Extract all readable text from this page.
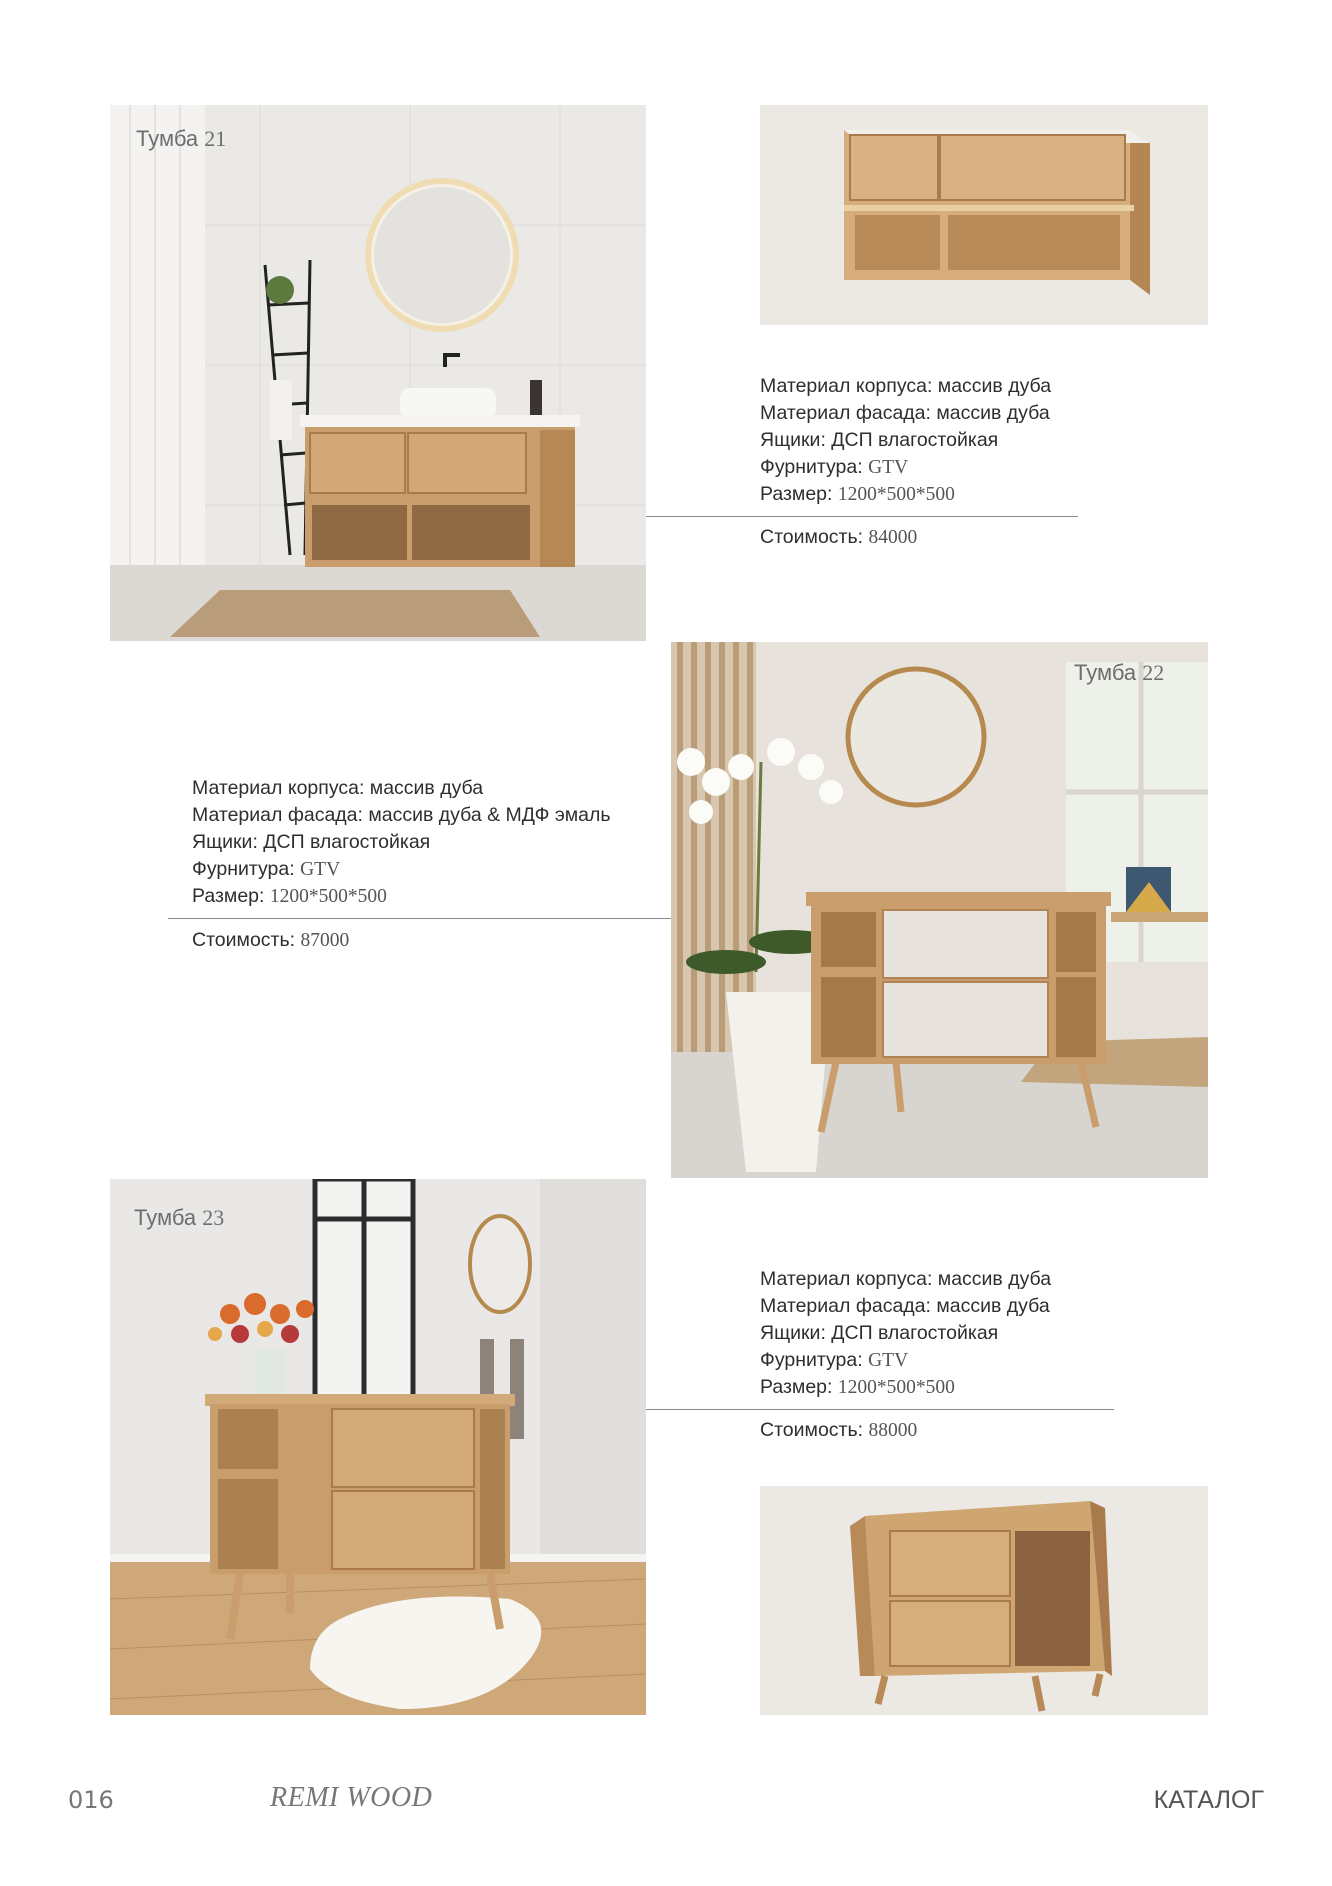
Тумба 21
Материал корпуса: массив дуба
Материал фасада: массив дуба
Ящики: ДСП влагостойкая
Фурнитура: GTV
Размер: 1200*500*500
Стоимость: 84000
Материал корпуса: массив дуба
Материал фасада: массив дуба & МДФ эмаль
Ящики: ДСП влагостойкая
Фурнитура: GTV
Размер: 1200*500*500
Стоимость: 87000
Тумба 22
Тумба 23
Материал корпуса: массив дуба
Материал фасада: массив дуба
Ящики: ДСП влагостойкая
Фурнитура: GTV
Размер: 1200*500*500
Стоимость: 88000
016	REMI WOOD	КАТАЛОГ
